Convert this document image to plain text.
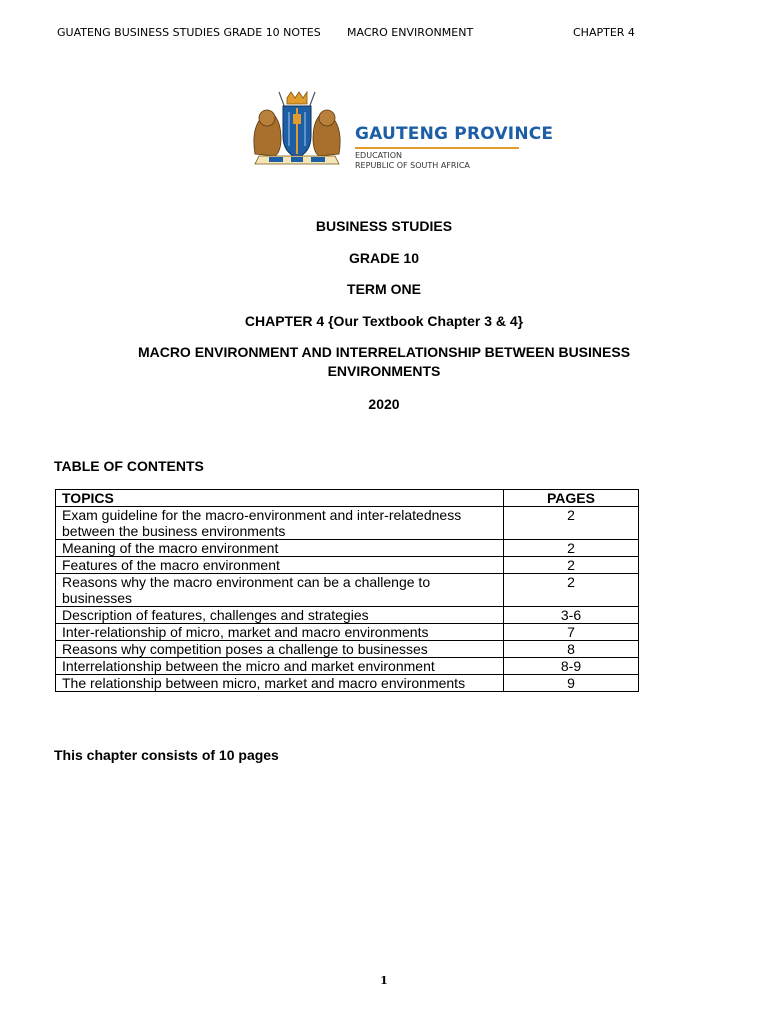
GUATENG BUSINESS STUDIES GRADE 10 NOTES MACRO ENVIRONMENT	CHAPTER 4
GAUTENG PROVINCE
EDUCATION
REPUBLIC OF SOUTH AFRICA
BUSINESS STUDIES
GRADE 10
TERM ONE
CHAPTER 4 {Our Textbook Chapter 3 & 4}
MACRO ENVIRONMENT AND INTERRELATIONSHIP BETWEEN BUSINESS
ENVIRONMENTS
2020
TABLE OF CONTENTS
TOPICS	PAGES
Exam guideline for the macro-environment and inter-relatedness between the business environments	2
Meaning of the macro environment	2
Features of the macro environment	2
Reasons why the macro environment can be a challenge to businesses	2
Description of features, challenges and strategies	3-6
Inter-relationship of micro, market and macro environments	7
Reasons why competition poses a challenge to businesses	8
Interrelationship between the micro and market environment	8-9
The relationship between micro, market and macro environments	9
This chapter consists of 10 pages
1
